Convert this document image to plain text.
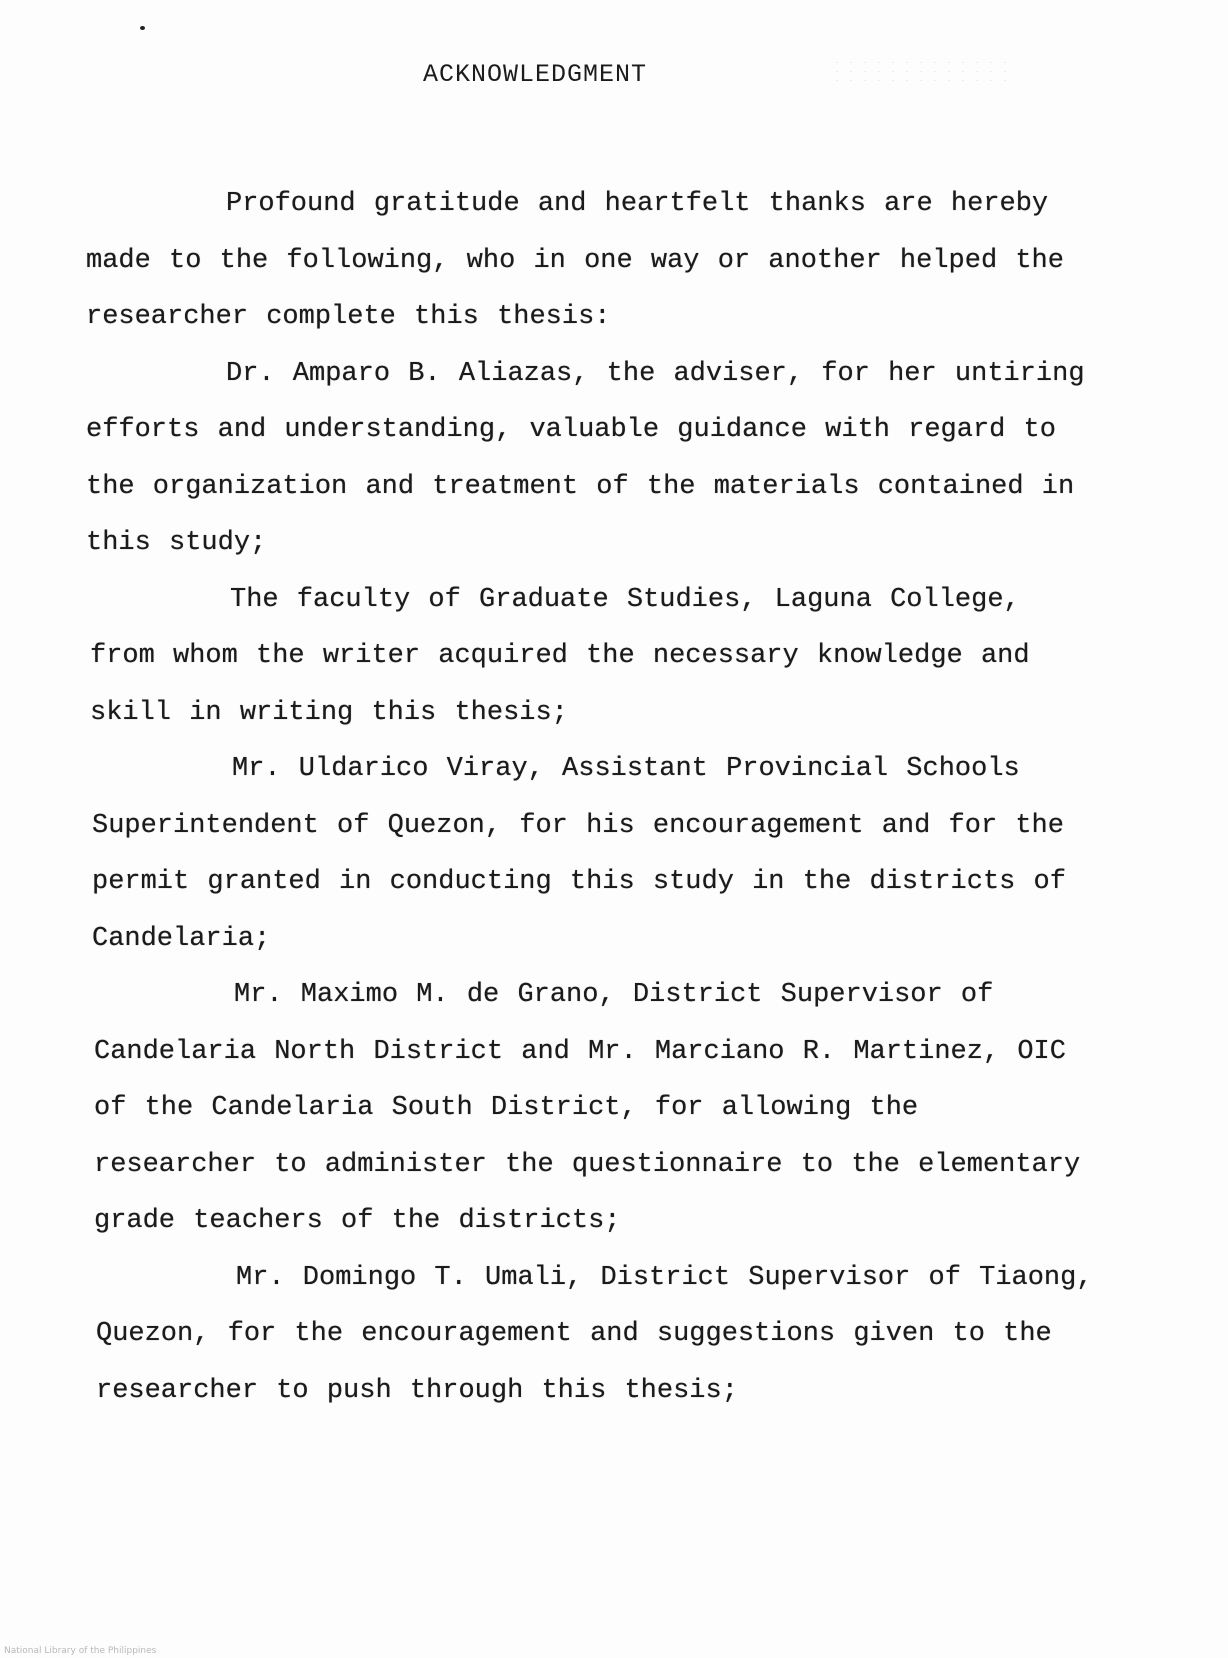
ACKNOWLEDGMENT

Profound gratitude and heartfelt thanks are hereby made to the following, who in one way or another helped the researcher complete this thesis:

Dr. Amparo B. Aliazas, the adviser, for her untiring efforts and understanding, valuable guidance with regard to the organization and treatment of the materials contained in this study;

The faculty of Graduate Studies, Laguna College, from whom the writer acquired the necessary knowledge and skill in writing this thesis;

Mr. Uldarico Viray, Assistant Provincial Schools Superintendent of Quezon, for his encouragement and for the permit granted in conducting this study in the districts of Candelaria;

Mr. Maximo M. de Grano, District Supervisor of Candelaria North District and Mr. Marciano R. Martinez, OIC of the Candelaria South District, for allowing the researcher to administer the questionnaire to the elementary grade teachers of the districts;

Mr. Domingo T. Umali, District Supervisor of Tiaong, Quezon, for the encouragement and suggestions given to the researcher to push through this thesis;

National Library of the Philippines
